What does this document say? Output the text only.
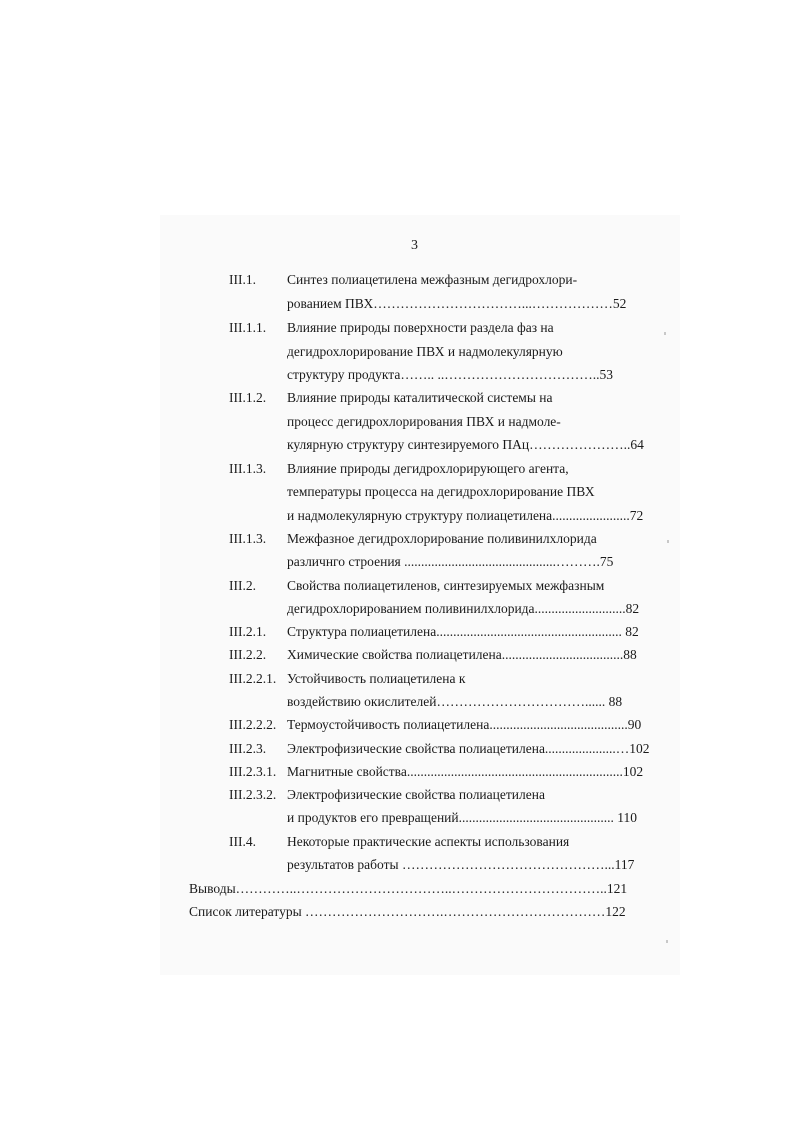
3
III.1. Синтез полиацетилена межфазным дегидрохлори-
рованием ПВХ……………………………...………………52
III.1.1. Влияние природы поверхности раздела фаз на
дегидрохлорирование ПВХ и надмолекулярную
структуру продукта…….. ..……………………………..53
III.1.2. Влияние природы каталитической системы на
процесс дегидрохлорирования ПВХ и надмоле-
кулярную структуру синтезируемого ПАц…………………..64
III.1.3. Влияние природы дегидрохлорирующего агента,
температуры процесса на дегидрохлорирование ПВХ
и надмолекулярную структуру полиацетилена.......................72
III.1.3. Межфазное дегидрохлорирование поливинилхлорида
различнго строения .............................................……….75
III.2. Свойства полиацетиленов, синтезируемых межфазным
дегидрохлорированием поливинилхлорида...........................82
III.2.1. Структура полиацетилена....................................................... 82
III.2.2. Химические свойства полиацетилена....................................88
III.2.2.1. Устойчивость полиацетилена к
воздействию окислителей……………………………...... 88
III.2.2.2. Термоустойчивость полиацетилена.........................................90
III.2.3. Электрофизические свойства полиацетилена.....................…102
III.2.3.1. Магнитные свойства................................................................102
III.2.3.2. Электрофизические свойства полиацетилена
и продуктов его превращений.............................................. 110
III.4. Некоторые практические аспекты использования
результатов работы ………………………………………...117
Выводы…………..……………………………..……………………………..121
Список литературы ………………………….………………………………122
